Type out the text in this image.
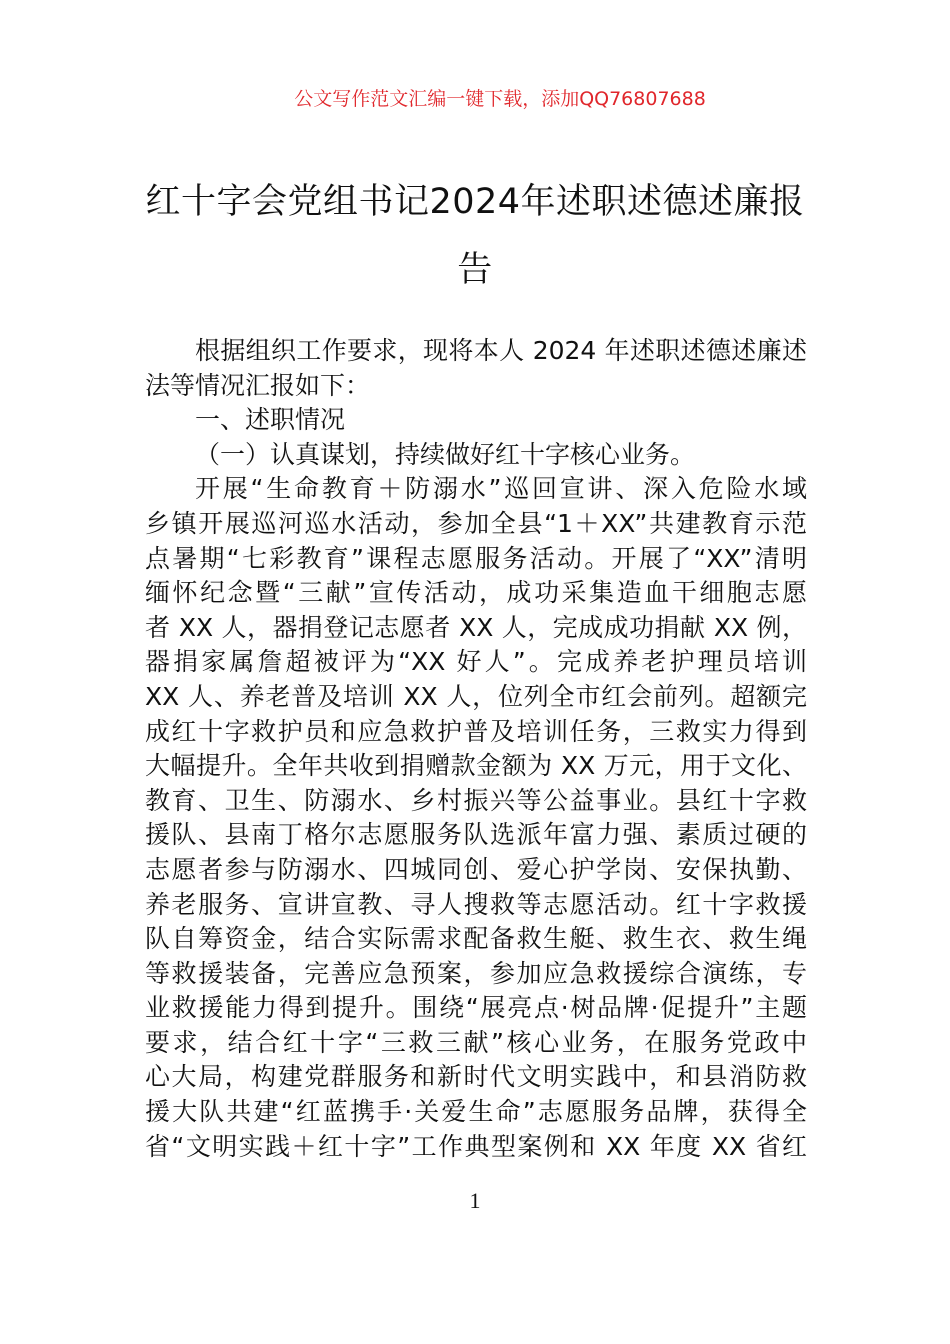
公文写作范文汇编一键下载，添加QQ76807688
红十字会党组书记2024年述职述德述廉报
告
根据组织工作要求，现将本人 2024 年述职述德述廉述
法等情况汇报如下：
一、述职情况
（一）认真谋划，持续做好红十字核心业务。
开展“生命教育＋防溺水”巡回宣讲、深入危险水域
乡镇开展巡河巡水活动，参加全县“1＋XX”共建教育示范
点暑期“七彩教育”课程志愿服务活动。开展了“XX”清明
缅怀纪念暨“三献”宣传活动，成功采集造血干细胞志愿
者 XX 人，器捐登记志愿者 XX 人，完成成功捐献 XX 例，
器捐家属詹超被评为“XX 好人”。完成养老护理员培训
XX 人、养老普及培训 XX 人，位列全市红会前列。超额完
成红十字救护员和应急救护普及培训任务，三救实力得到
大幅提升。全年共收到捐赠款金额为 XX 万元，用于文化、
教育、卫生、防溺水、乡村振兴等公益事业。县红十字救
援队、县南丁格尔志愿服务队选派年富力强、素质过硬的
志愿者参与防溺水、四城同创、爱心护学岗、安保执勤、
养老服务、宣讲宣教、寻人搜救等志愿活动。红十字救援
队自筹资金，结合实际需求配备救生艇、救生衣、救生绳
等救援装备，完善应急预案，参加应急救援综合演练，专
业救援能力得到提升。围绕“展亮点·树品牌·促提升”主题
要求，结合红十字“三救三献”核心业务，在服务党政中
心大局，构建党群服务和新时代文明实践中，和县消防救
援大队共建“红蓝携手·关爱生命”志愿服务品牌，获得全
省“文明实践＋红十字”工作典型案例和 XX 年度 XX 省红
1
